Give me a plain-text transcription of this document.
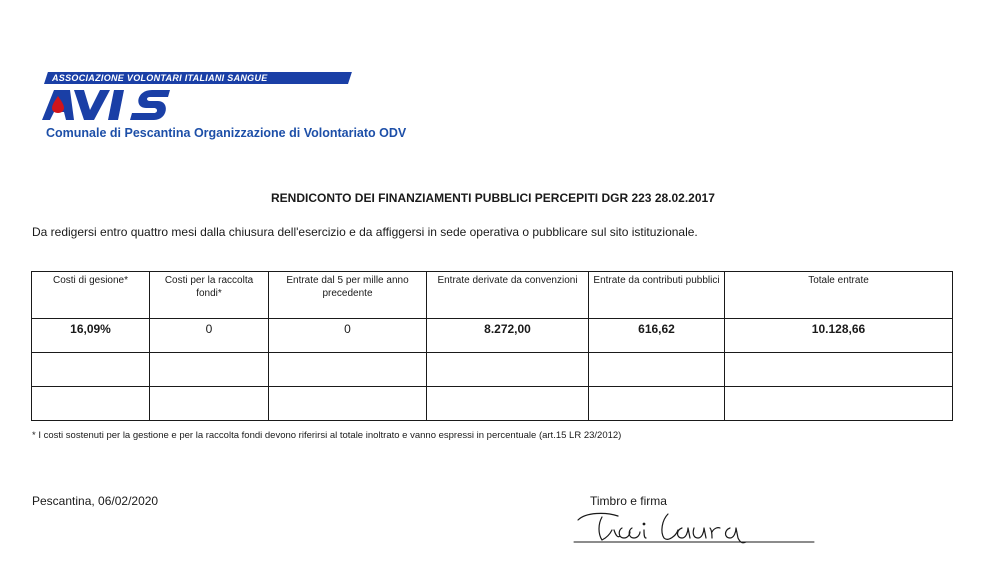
ASSOCIAZIONE VOLONTARI ITALIANI SANGUE
Comunale di Pescantina Organizzazione di Volontariato ODV
RENDICONTO DEI FINANZIAMENTI PUBBLICI PERCEPITI DGR 223 28.02.2017
Da redigersi entro quattro mesi dalla chiusura dell'esercizio e da affiggersi in sede operativa o pubblicare sul sito istituzionale.
Costi di gesione*	Costi per la raccolta fondi*	Entrate dal 5 per mille anno precedente	Entrate derivate da convenzioni	Entrate da contributi pubblici	Totale entrate
16,09%	0	0	8.272,00	616,62	10.128,66

* I costi sostenuti per la gestione e per la raccolta fondi devono riferirsi al totale inoltrato e vanno espressi in percentuale (art.15 LR 23/2012)
Pescantina, 06/02/2020	Timbro e firma
